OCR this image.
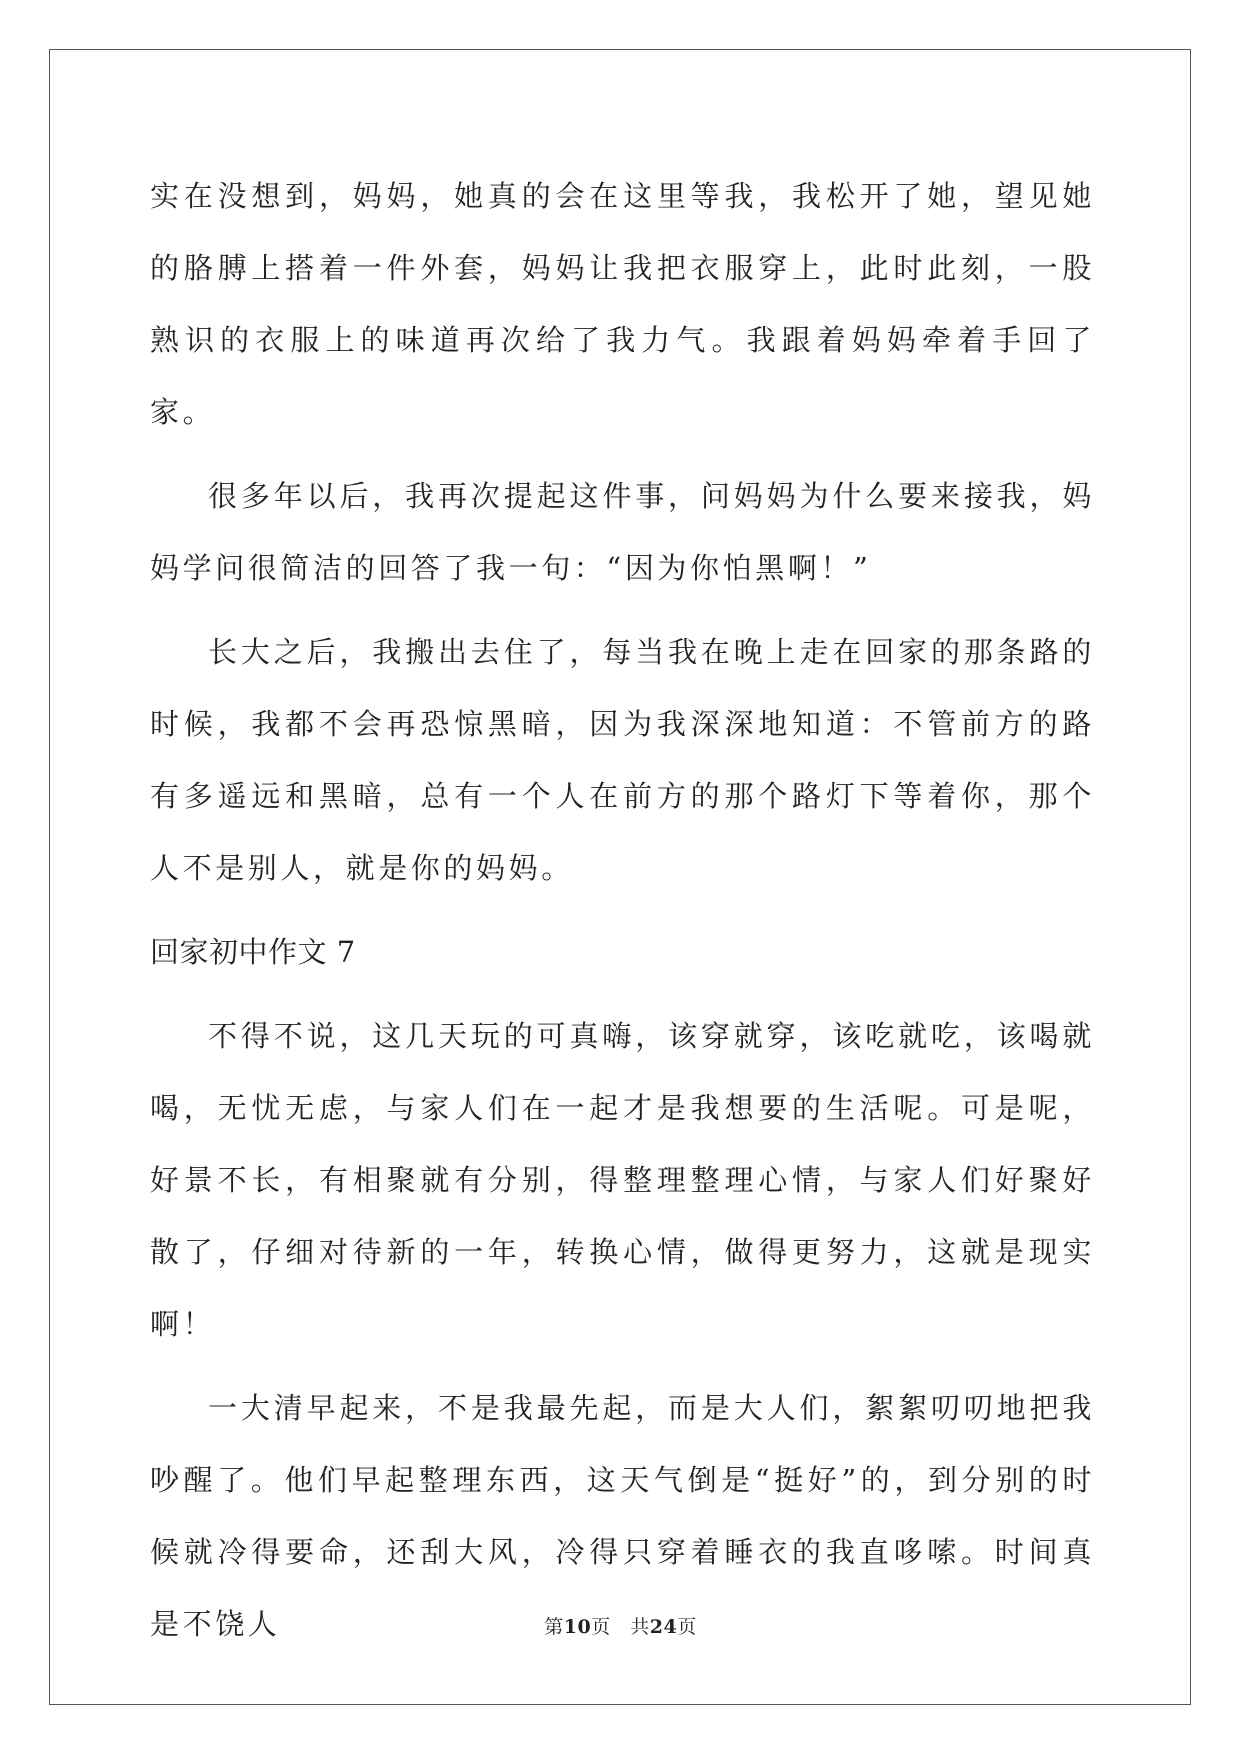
实在没想到，妈妈，她真的会在这里等我，我松开了她，望见她的胳膊上搭着一件外套，妈妈让我把衣服穿上，此时此刻，一股熟识的衣服上的味道再次给了我力气。我跟着妈妈牵着手回了家。

很多年以后，我再次提起这件事，问妈妈为什么要来接我，妈妈学问很简洁的回答了我一句：“因为你怕黑啊！”

长大之后，我搬出去住了，每当我在晚上走在回家的那条路的时候，我都不会再恐惊黑暗，因为我深深地知道：不管前方的路有多遥远和黑暗，总有一个人在前方的那个路灯下等着你，那个人不是别人，就是你的妈妈。

回家初中作文 7

不得不说，这几天玩的可真嗨，该穿就穿，该吃就吃，该喝就喝，无忧无虑，与家人们在一起才是我想要的生活呢。可是呢，好景不长，有相聚就有分别，得整理整理心情，与家人们好聚好散了，仔细对待新的一年，转换心情，做得更努力，这就是现实啊！

一大清早起来，不是我最先起，而是大人们，絮絮叨叨地把我吵醒了。他们早起整理东西，这天气倒是“挺好”的，到分别的时候就冷得要命，还刮大风，冷得只穿着睡衣的我直哆嗦。时间真是不饶人	第10页　共24页
